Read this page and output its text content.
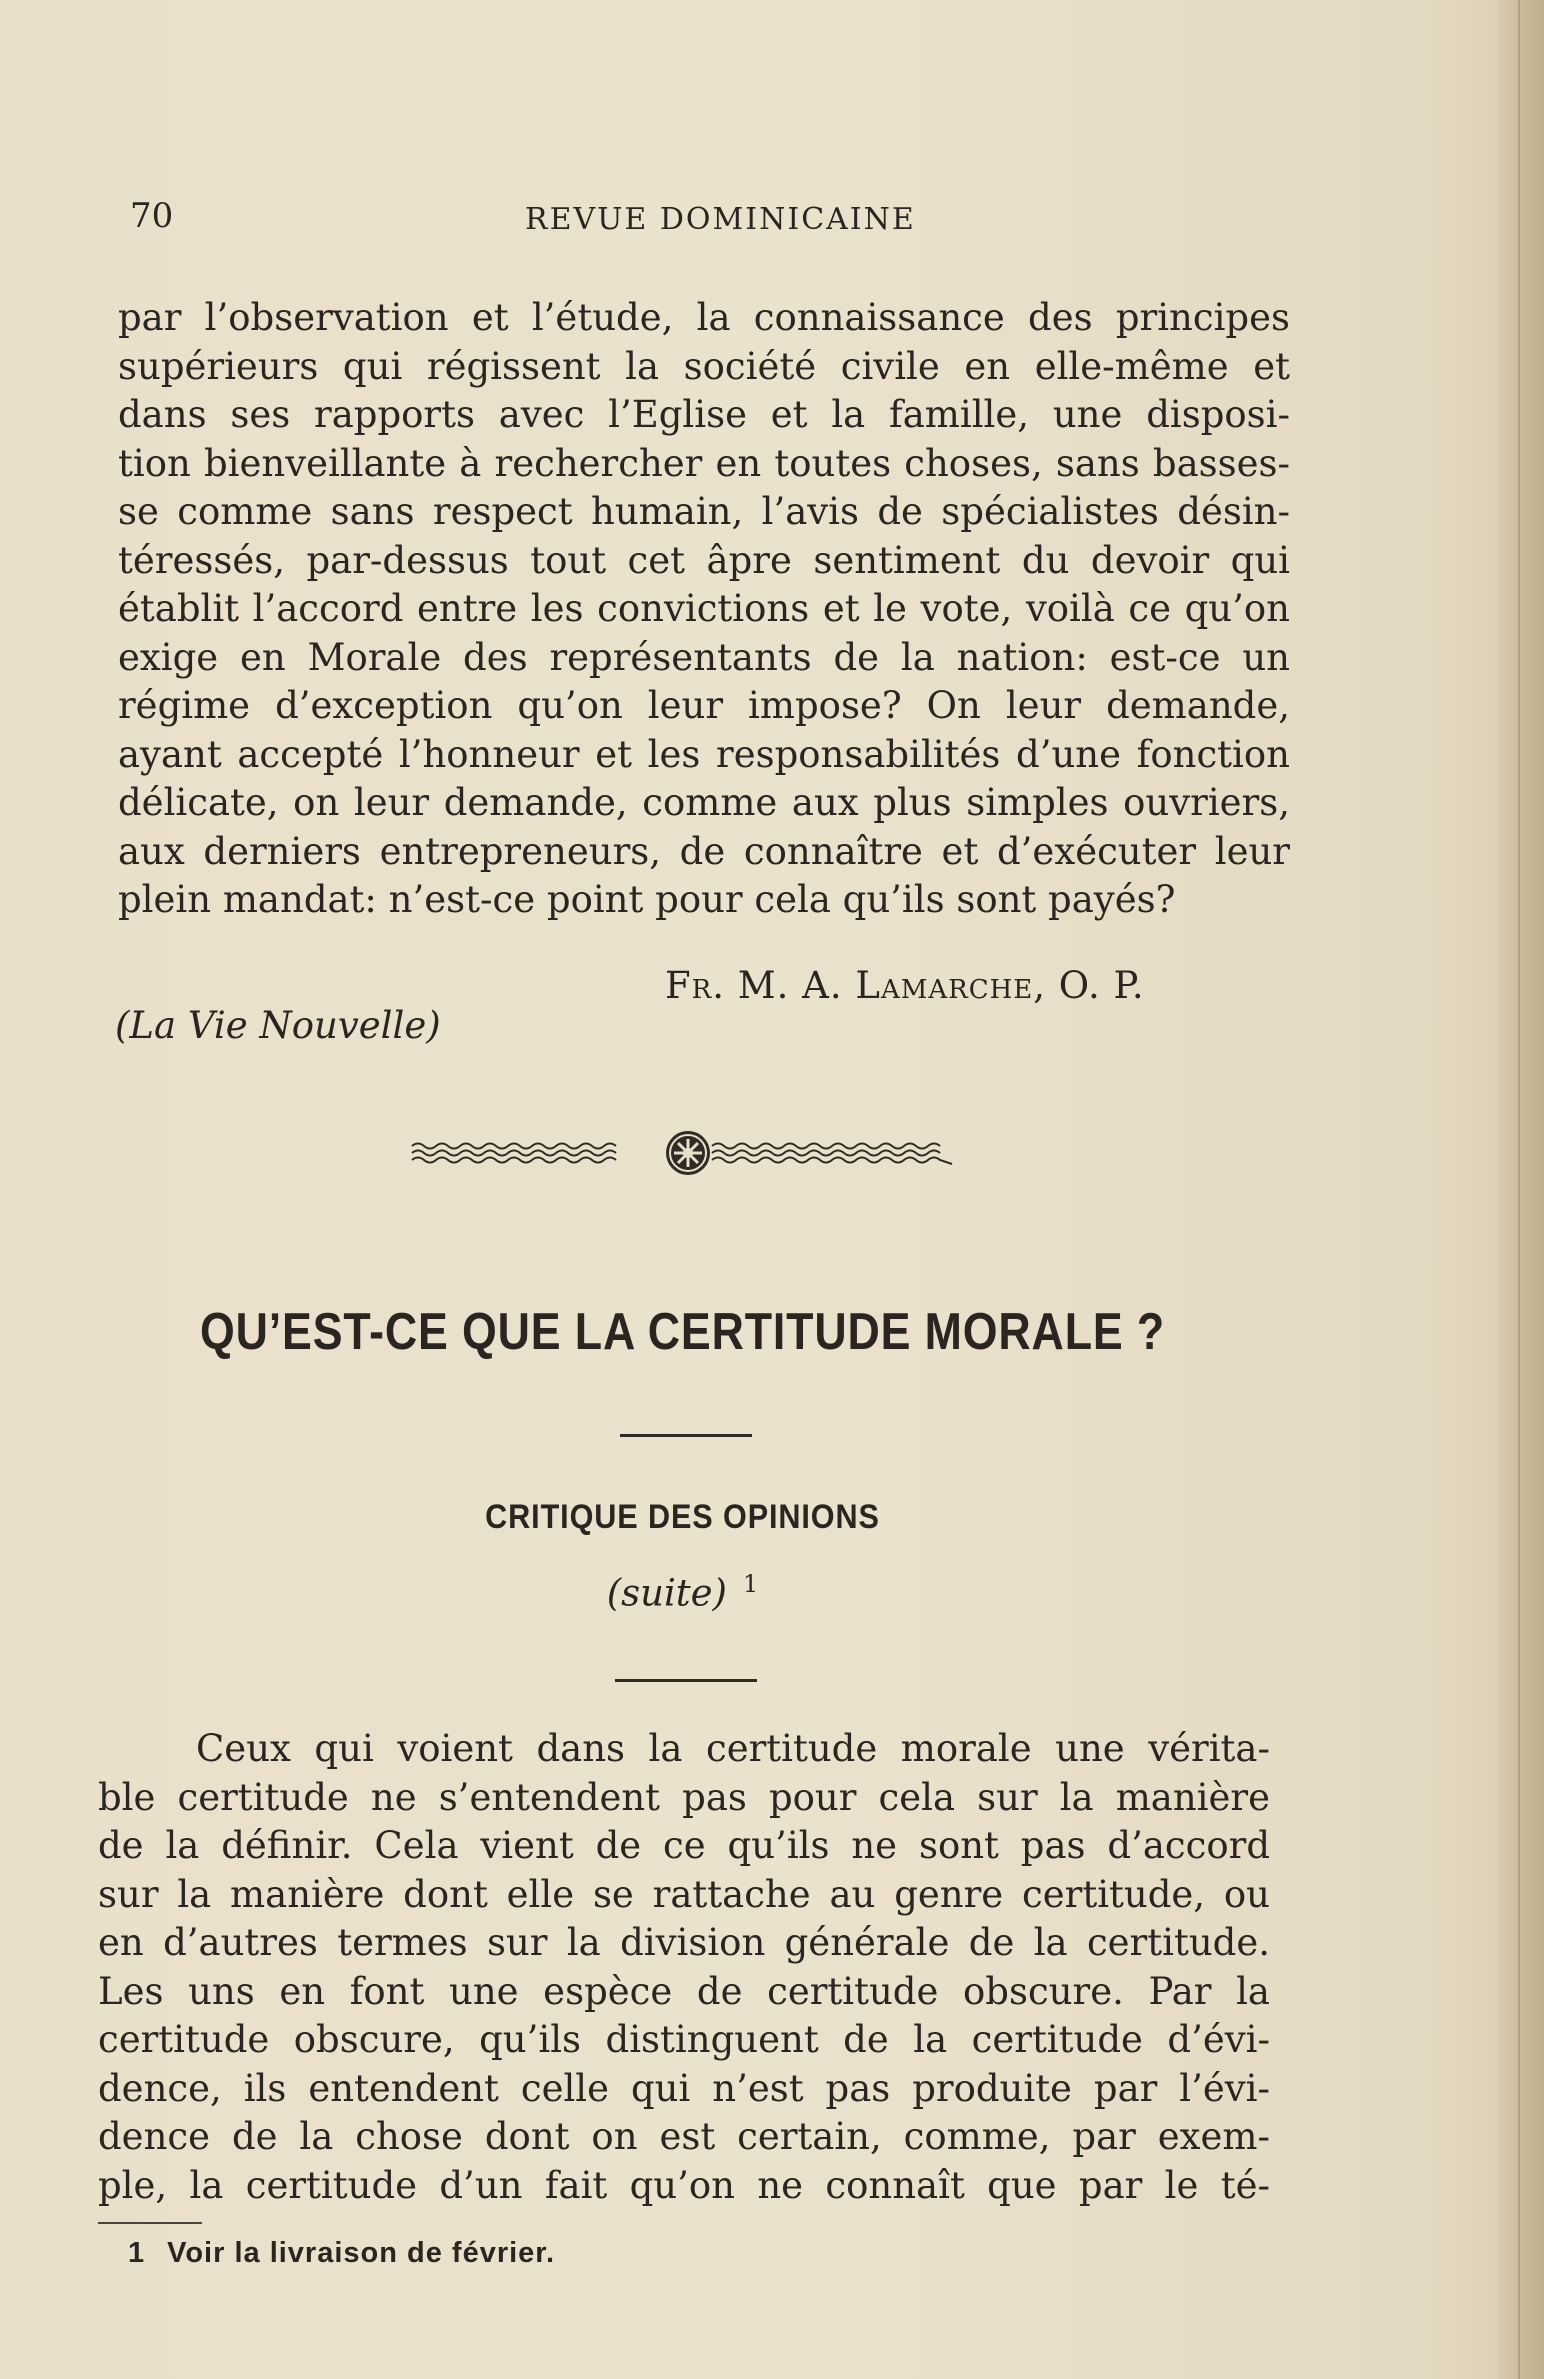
70	REVUE DOMINICAINE
par l’observation et l’étude, la connaissance des principes
supérieurs qui régissent la société civile en elle-même et
dans ses rapports avec l’Eglise et la famille, une disposi-
tion bienveillante à rechercher en toutes choses, sans basses-
se comme sans respect humain, l’avis de spécialistes désin-
téressés, par-dessus tout cet âpre sentiment du devoir qui
établit l’accord entre les convictions et le vote, voilà ce qu’on
exige en Morale des représentants de la nation: est-ce un
régime d’exception qu’on leur impose? On leur demande,
ayant accepté l’honneur et les responsabilités d’une fonction
délicate, on leur demande, comme aux plus simples ouvriers,
aux derniers entrepreneurs, de connaître et d’exécuter leur
plein mandat: n’est-ce point pour cela qu’ils sont payés?
Fr. M. A. Lamarche, O. P.
(La Vie Nouvelle)
QU’EST-CE QUE LA CERTITUDE MORALE ?
CRITIQUE DES OPINIONS
(suite) $^1$
Ceux qui voient dans la certitude morale une vérita-
ble certitude ne s’entendent pas pour cela sur la manière
de la définir. Cela vient de ce qu’ils ne sont pas d’accord
sur la manière dont elle se rattache au genre certitude, ou
en d’autres termes sur la division générale de la certitude.
Les uns en font une espèce de certitude obscure. Par la
certitude obscure, qu’ils distinguent de la certitude d’évi-
dence, ils entendent celle qui n’est pas produite par l’évi-
dence de la chose dont on est certain, comme, par exem-
ple, la certitude d’un fait qu’on ne connaît que par le té-
1 Voir la livraison de février.
